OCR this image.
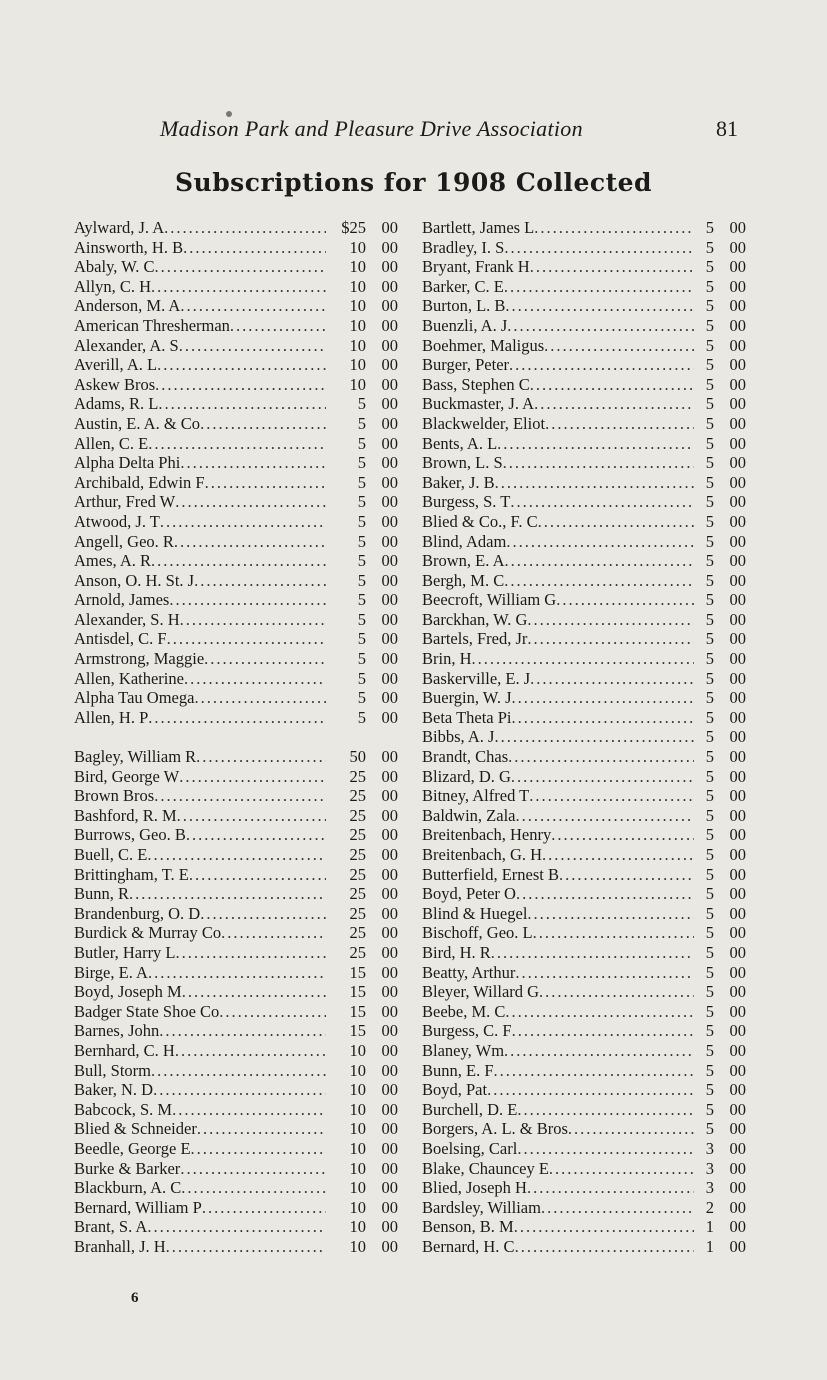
Madison Park and Pleasure Drive Association	81
Subscriptions for 1908 Collected
Aylward, J. A .....	$25 00
Ainsworth, H. B .....	10 00
Abaly, W. C .....	10 00
Allyn, C. H .....	10 00
Anderson, M. A .....	10 00
American Thresherman .....	10 00
Alexander, A. S .....	10 00
Averill, A. L .....	10 00
Askew Bros .....	10 00
Adams, R. L .....	5 00
Austin, E. A. & Co .....	5 00
Allen, C. E .....	5 00
Alpha Delta Phi .....	5 00
Archibald, Edwin F .....	5 00
Arthur, Fred W .....	5 00
Atwood, J. T .....	5 00
Angell, Geo. R .....	5 00
Ames, A. R .....	5 00
Anson, O. H. St. J .....	5 00
Arnold, James .....	5 00
Alexander, S. H .....	5 00
Antisdel, C. F .....	5 00
Armstrong, Maggie .....	5 00
Allen, Katherine .....	5 00
Alpha Tau Omega .....	5 00
Allen, H. P .....	5 00
Bagley, William R .....	50 00
Bird, George W .....	25 00
Brown Bros .....	25 00
Bashford, R. M .....	25 00
Burrows, Geo. B .....	25 00
Buell, C. E .....	25 00
Brittingham, T. E .....	25 00
Bunn, R .....	25 00
Brandenburg, O. D .....	25 00
Burdick & Murray Co .....	25 00
Butler, Harry L .....	25 00
Birge, E. A .....	15 00
Boyd, Joseph M .....	15 00
Badger State Shoe Co .....	15 00
Barnes, John .....	15 00
Bernhard, C. H .....	10 00
Bull, Storm .....	10 00
Baker, N. D .....	10 00
Babcock, S. M .....	10 00
Blied & Schneider .....	10 00
Beedle, George E .....	10 00
Burke & Barker .....	10 00
Blackburn, A. C .....	10 00
Bernard, William P .....	10 00
Brant, S. A .....	10 00
Branhall, J. H .....	10 00
Bartlett, James L .....	5 00
Bradley, I. S .....	5 00
Bryant, Frank H .....	5 00
Barker, C. E .....	5 00
Burton, L. B .....	5 00
Buenzli, A. J .....	5 00
Boehmer, Maligus .....	5 00
Burger, Peter .....	5 00
Bass, Stephen C .....	5 00
Buckmaster, J. A .....	5 00
Blackwelder, Eliot .....	5 00
Bents, A. L .....	5 00
Brown, L. S .....	5 00
Baker, J. B .....	5 00
Burgess, S. T .....	5 00
Blied & Co., F. C .....	5 00
Blind, Adam .....	5 00
Brown, E. A .....	5 00
Bergh, M. C .....	5 00
Beecroft, William G .....	5 00
Barckhan, W. G .....	5 00
Bartels, Fred, Jr .....	5 00
Brin, H .....	5 00
Baskerville, E. J .....	5 00
Buergin, W. J .....	5 00
Beta Theta Pi .....	5 00
Bibbs, A. J .....	5 00
Brandt, Chas .....	5 00
Blizard, D. G .....	5 00
Bitney, Alfred T .....	5 00
Baldwin, Zala .....	5 00
Breitenbach, Henry .....	5 00
Breitenbach, G. H .....	5 00
Butterfield, Ernest B .....	5 00
Boyd, Peter O .....	5 00
Blind & Huegel .....	5 00
Bischoff, Geo. L .....	5 00
Bird, H. R .....	5 00
Beatty, Arthur .....	5 00
Bleyer, Willard G .....	5 00
Beebe, M. C .....	5 00
Burgess, C. F .....	5 00
Blaney, Wm .....	5 00
Bunn, E. F .....	5 00
Boyd, Pat .....	5 00
Burchell, D. E .....	5 00
Borgers, A. L. & Bros .....	5 00
Boelsing, Carl .....	3 00
Blake, Chauncey E .....	3 00
Blied, Joseph H .....	3 00
Bardsley, William .....	2 00
Benson, B. M .....	1 00
Bernard, H. C .....	1 00
6
